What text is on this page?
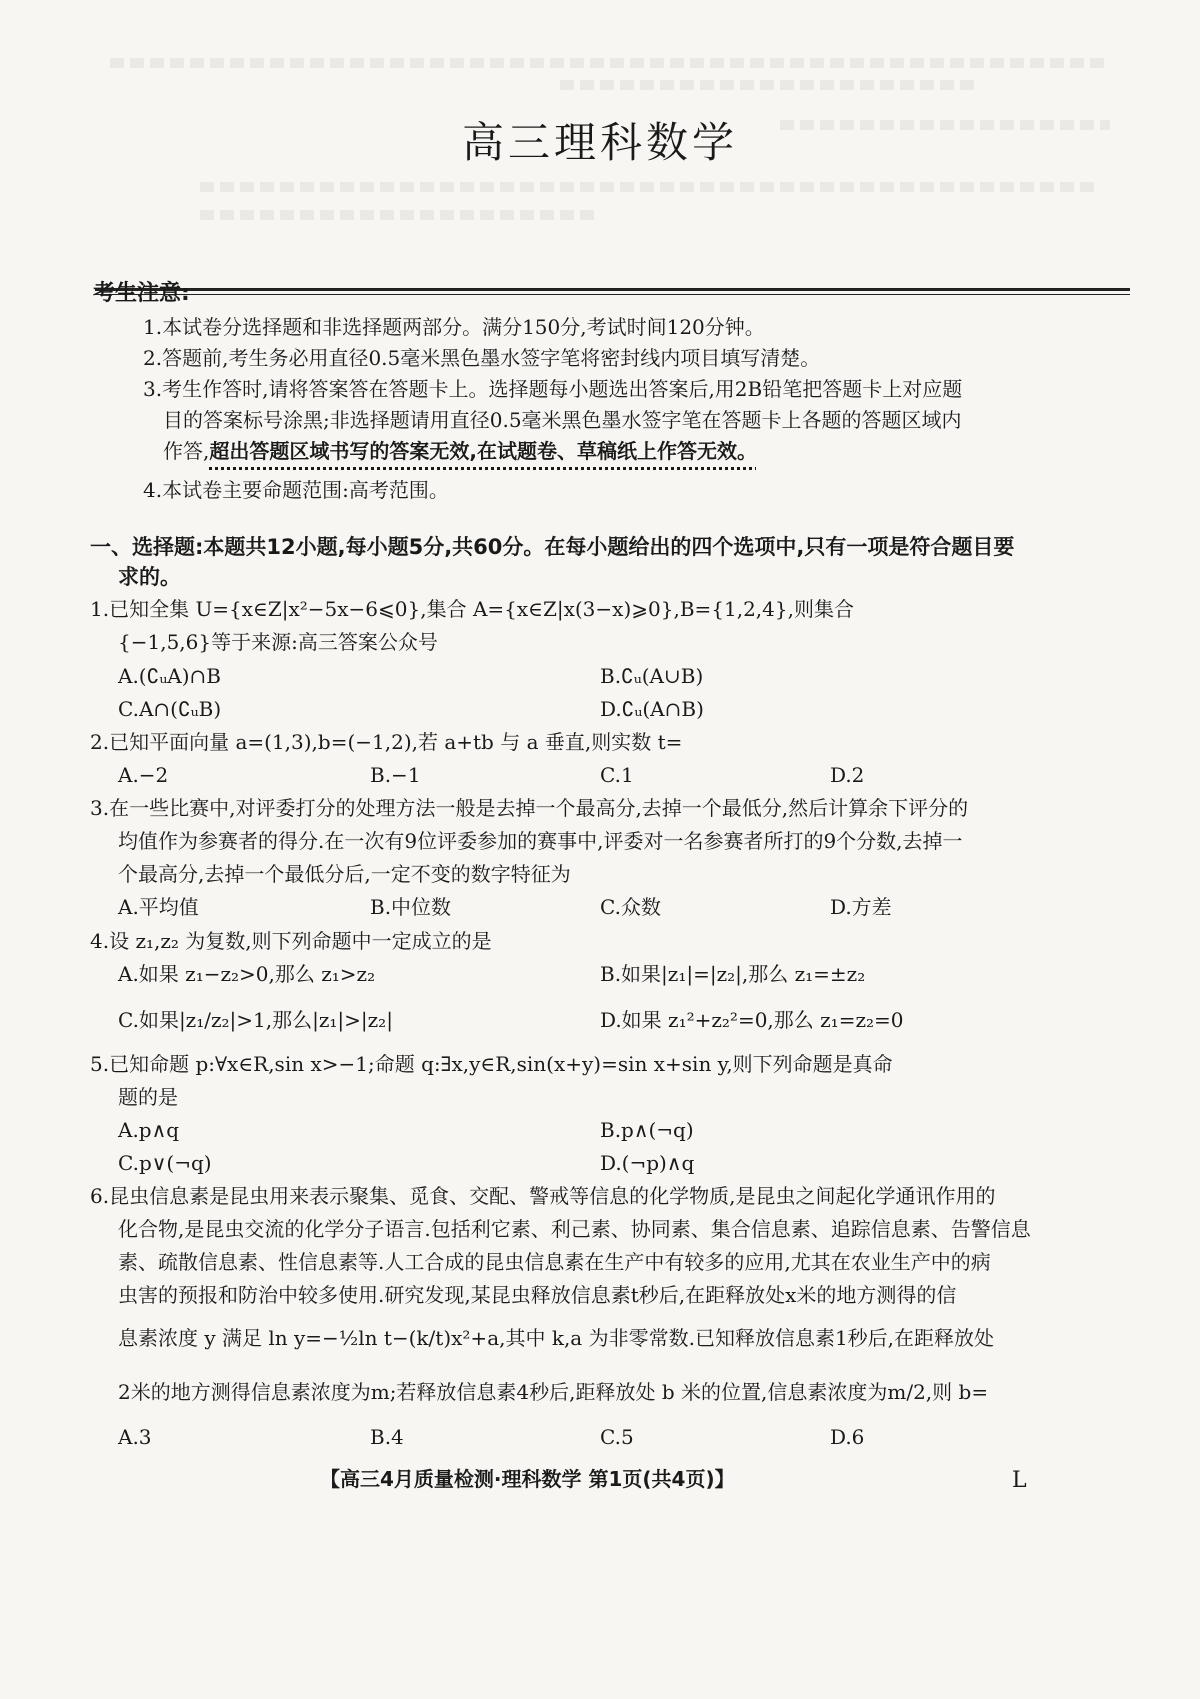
高三理科数学
考生注意:
1.本试卷分选择题和非选择题两部分。满分150分,考试时间120分钟。
2.答题前,考生务必用直径0.5毫米黑色墨水签字笔将密封线内项目填写清楚。
3.考生作答时,请将答案答在答题卡上。选择题每小题选出答案后,用2B铅笔把答题卡上对应题
目的答案标号涂黑;非选择题请用直径0.5毫米黑色墨水签字笔在答题卡上各题的答题区域内
作答,超出答题区域书写的答案无效,在试题卷、草稿纸上作答无效。
4.本试卷主要命题范围:高考范围。
一、选择题:本题共12小题,每小题5分,共60分。在每小题给出的四个选项中,只有一项是符合题目要
求的。
1.已知全集 U={x∈Z|x²−5x−6⩽0},集合 A={x∈Z|x(3−x)⩾0},B={1,2,4},则集合
{−1,5,6}等于来源:高三答案公众号
A.(∁ᵤA)∩B	B.∁ᵤ(A∪B)
C.A∩(∁ᵤB)	D.∁ᵤ(A∩B)
2.已知平面向量 a=(1,3),b=(−1,2),若 a+tb 与 a 垂直,则实数 t=
A.−2	B.−1	C.1	D.2
3.在一些比赛中,对评委打分的处理方法一般是去掉一个最高分,去掉一个最低分,然后计算余下评分的
均值作为参赛者的得分.在一次有9位评委参加的赛事中,评委对一名参赛者所打的9个分数,去掉一
个最高分,去掉一个最低分后,一定不变的数字特征为
A.平均值	B.中位数	C.众数	D.方差
4.设 z₁,z₂ 为复数,则下列命题中一定成立的是
A.如果 z₁−z₂>0,那么 z₁>z₂	B.如果|z₁|=|z₂|,那么 z₁=±z₂
C.如果|z₁/z₂|>1,那么|z₁|>|z₂|	D.如果 z₁²+z₂²=0,那么 z₁=z₂=0
5.已知命题 p:∀x∈R,sin x>−1;命题 q:∃x,y∈R,sin(x+y)=sin x+sin y,则下列命题是真命
题的是
A.p∧q	B.p∧(¬q)
C.p∨(¬q)	D.(¬p)∧q
6.昆虫信息素是昆虫用来表示聚集、觅食、交配、警戒等信息的化学物质,是昆虫之间起化学通讯作用的
化合物,是昆虫交流的化学分子语言.包括利它素、利己素、协同素、集合信息素、追踪信息素、告警信息
素、疏散信息素、性信息素等.人工合成的昆虫信息素在生产中有较多的应用,尤其在农业生产中的病
虫害的预报和防治中较多使用.研究发现,某昆虫释放信息素t秒后,在距释放处x米的地方测得的信
息素浓度 y 满足 ln y=−½ln t−(k/t)x²+a,其中 k,a 为非零常数.已知释放信息素1秒后,在距释放处
2米的地方测得信息素浓度为m;若释放信息素4秒后,距释放处 b 米的位置,信息素浓度为m/2,则 b=
A.3	B.4	C.5	D.6
【高三4月质量检测·理科数学 第1页(共4页)】	L
